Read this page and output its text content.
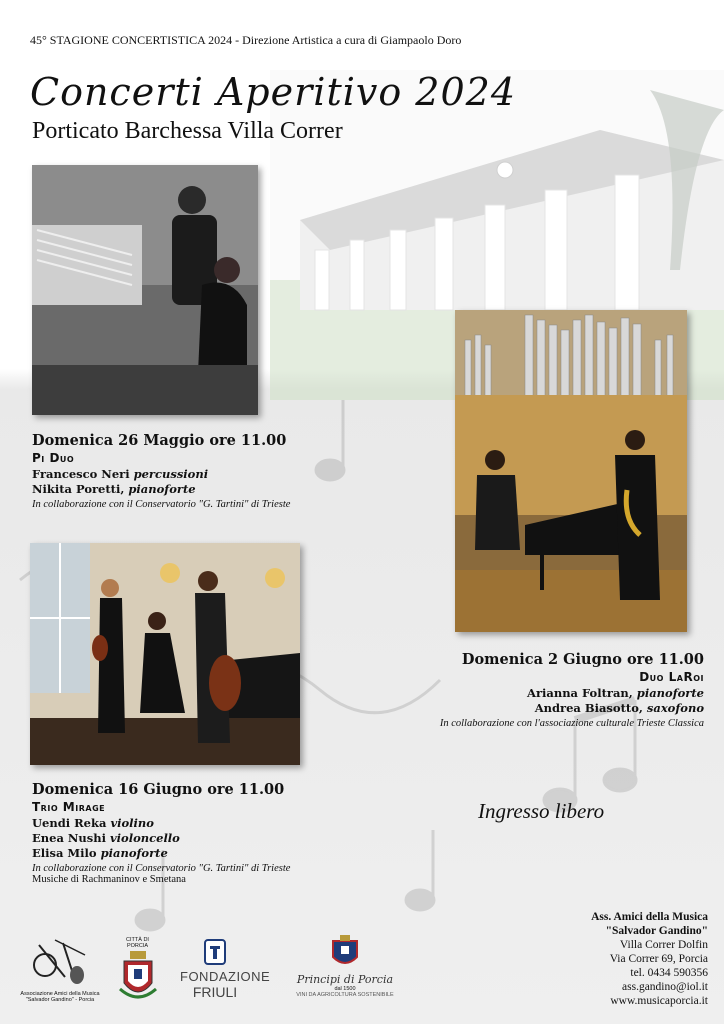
45° STAGIONE CONCERTISTICA 2024 - Direzione Artistica a cura di Giampaolo Doro
Concerti Aperitivo 2024
Porticato Barchessa Villa Correr
Domenica 26 Maggio ore 11.00
Pi Duo
Francesco Neri percussioni
Nikita Poretti, pianoforte
In collaborazione con il Conservatorio "G. Tartini" di Trieste
Domenica 2 Giugno ore 11.00
Duo LaRoi
Arianna Foltran, pianoforte
Andrea Biasotto, saxofono
In collaborazione con l'associazione culturale Trieste Classica
Domenica 16 Giugno ore 11.00
Trio Mirage
Uendi Reka violino
Enea Nushi violoncello
Elisa Milo pianoforte
In collaborazione con il Conservatorio "G. Tartini" di Trieste
Musiche di Rachmaninov e Smetana
Ingresso libero
Associazione Amici della Musica
"Salvador Gandino" - Porcia
CITTÀ DI PORCIA
FONDAZIONE
FRIULI
Principi di Porcia
dal 1500
VINI DA AGRICOLTURA SOSTENIBILE
Ass. Amici della Musica
"Salvador Gandino"
Villa Correr Dolfin
Via Correr 69, Porcia
tel. 0434 590356
ass.gandino@iol.it
www.musicaporcia.it
